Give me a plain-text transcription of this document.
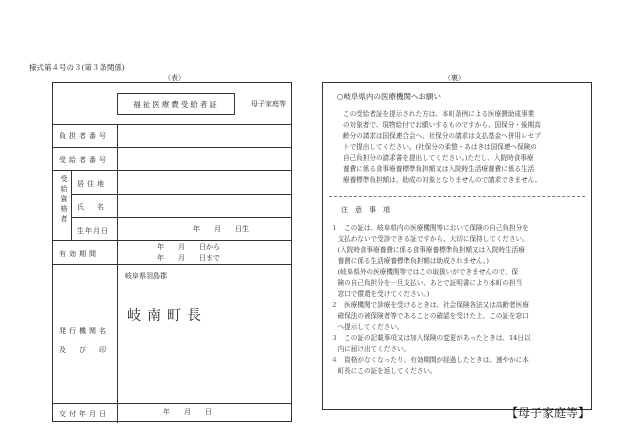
様式第４号の３(第３条関係)
（表）	（裏）
福祉医療費受給者証	母子家庭等
負担者番号
受給者番号
受給資格者 居住地
氏　名
生年月日	年　　月　　日生
有効期間
年　　月　　日から
年　　月　　日まで
発行機関名
及　び　印
岐阜県羽島郡
岐南町長
交付年月日	年　　月　　日
○岐阜県内の医療機関へお願い
この受給者証を提示された方は、本町条例による医療費助成事業
の対象者で、現物給付でお願いするものですから、国保分・後期高
齢分の請求は国保連合会へ、社保分の請求は支払基金へ併用レセプ
トで提出してください。(社保分の柔整・あはきは国保連へ保険の
自己負担分の請求書を提出してください。)ただし、入院時食事療
養費に係る食事療養標準負担額又は入院時生活療養費に係る生活
療養標準負担額は、助成の対象となりませんので請求できません。
注　意　事　項
１　この証は、岐阜県内の医療機関等において保険の自己負担分を
　支払わないで受診できる証ですから、大切に保持してください。
　(入院時食事療養費に係る食事療養標準負担額又は入院時生活療
　養費に係る生活療養標準負担額は助成されません。)
　(岐阜県外の医療機関等ではこの取扱いができませんので、保
　険の自己負担分を一旦支払い、あとで証明書により本町の担当
　窓口で償還を受けてください。)
２　医療機関で診療を受けるときは、社会保険各法又は高齢者医療
　確保法の被保険者等であることの確認を受けた上、この証を窓口
　へ提示してください。
３　この証の記載事項又は加入保険の変更があったときは、14日以
　内に届け出てください。
４　資格がなくなったり、有効期間が経過したときは、速やかに本
　町長にこの証を返してください。
【母子家庭等】
